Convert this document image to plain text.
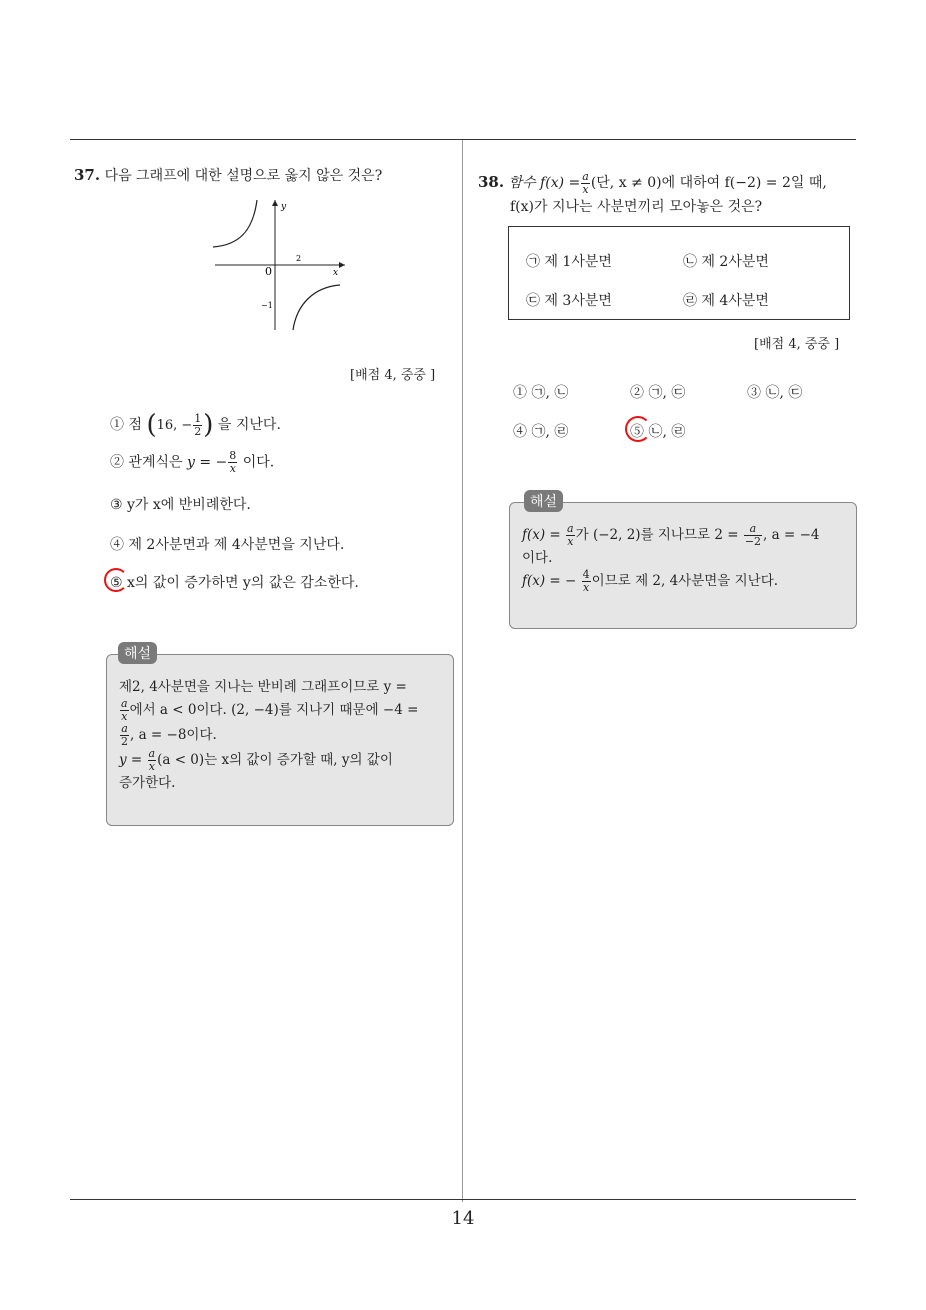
14
37. 다음 그래프에 대한 설명으로 옳지 않은 것은?
y
x
0
2
−1
[배점 4, 중중 ]
① 점 (16, − $\frac{1}{2}$ ) 을 지난다.
② 관계식은 y = − $\frac{8}{x}$ 이다.
③ y가 x에 반비례한다.
④ 제 2사분면과 제 4사분면을 지난다.
⑤ x의 값이 증가하면 y의 값은 감소한다.
제2, 4사분면을 지나는 반비례 그래프이므로 y =
$\frac{a}{x}$ 에서 a < 0이다. (2, −4)를 지나기 때문에 −4 =
$\frac{a}{2}$ , a = −8이다.
$y = \frac{a}{x} (a < 0)$는 x의 값이 증가할 때, y의 값이
증가한다.
해설
38. 함수 $f(x) = \frac{a}{x}$ (단, x ≠ 0)에 대하여 f(−2) = 2일 때,
f(x)가 지나는 사분면끼리 모아놓은 것은?
㉠ 제 1사분면	㉡ 제 2사분면
㉢ 제 3사분면	㉣ 제 4사분면
[배점 4, 중중 ]
① ㉠, ㉡	② ㉠, ㉢	③ ㉡, ㉢
④ ㉠, ㉣	⑤ ㉡, ㉣
$f(x) = \frac{a}{x}$ 가 (−2, 2)를 지나므로 $2 = \frac{a}{-2}$ , a = −4
이다.
f(x) = − $\frac{4}{x}$ 이므로 제 2, 4사분면을 지난다.
해설
